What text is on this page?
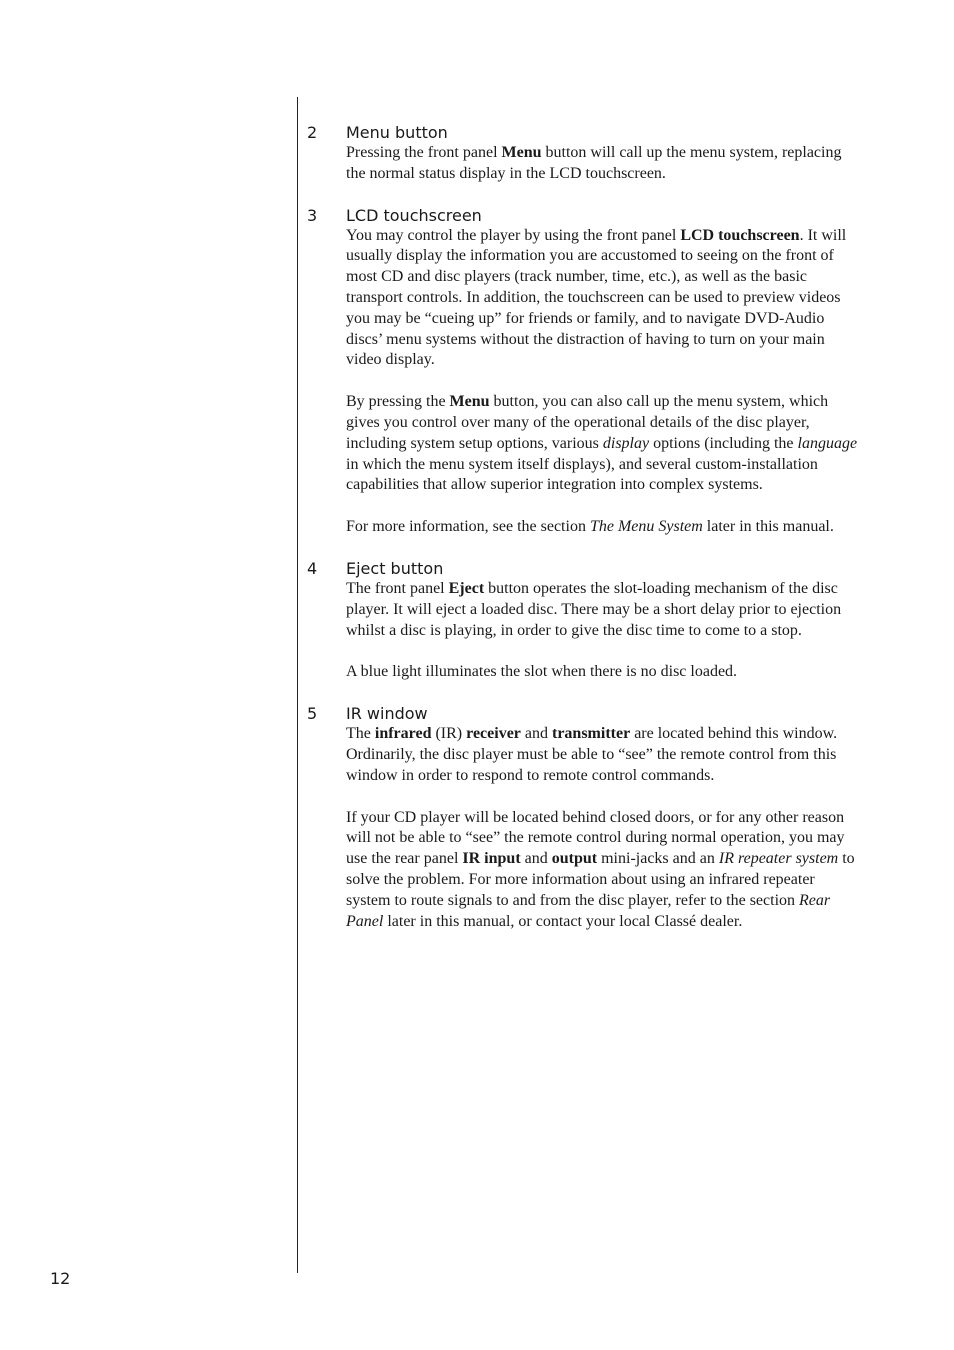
2 Menu button

Pressing the front panel Menu button will call up the menu system, replacing the normal status display in the LCD touchscreen.

3 LCD touchscreen

You may control the player by using the front panel LCD touchscreen. It will usually display the information you are accustomed to seeing on the front of most CD and disc players (track number, time, etc.), as well as the basic transport controls. In addition, the touchscreen can be used to preview videos you may be “cueing up” for friends or family, and to navigate DVD-Audio discs’ menu systems without the distraction of having to turn on your main video display.

By pressing the Menu button, you can also call up the menu system, which gives you control over many of the operational details of the disc player, including system setup options, various display options (including the language in which the menu system itself displays), and several custom-installation capabilities that allow superior integration into complex systems.

For more information, see the section The Menu System later in this manual.

4 Eject button

The front panel Eject button operates the slot-loading mechanism of the disc player. It will eject a loaded disc. There may be a short delay prior to ejection whilst a disc is playing, in order to give the disc time to come to a stop.

A blue light illuminates the slot when there is no disc loaded.

5 IR window

The infrared (IR) receiver and transmitter are located behind this window. Ordinarily, the disc player must be able to “see” the remote control from this window in order to respond to remote control commands.

If your CD player will be located behind closed doors, or for any other reason will not be able to “see” the remote control during normal operation, you may use the rear panel IR input and output mini-jacks and an IR repeater system to solve the problem. For more information about using an infrared repeater system to route signals to and from the disc player, refer to the section Rear Panel later in this manual, or contact your local Classé dealer.

12
